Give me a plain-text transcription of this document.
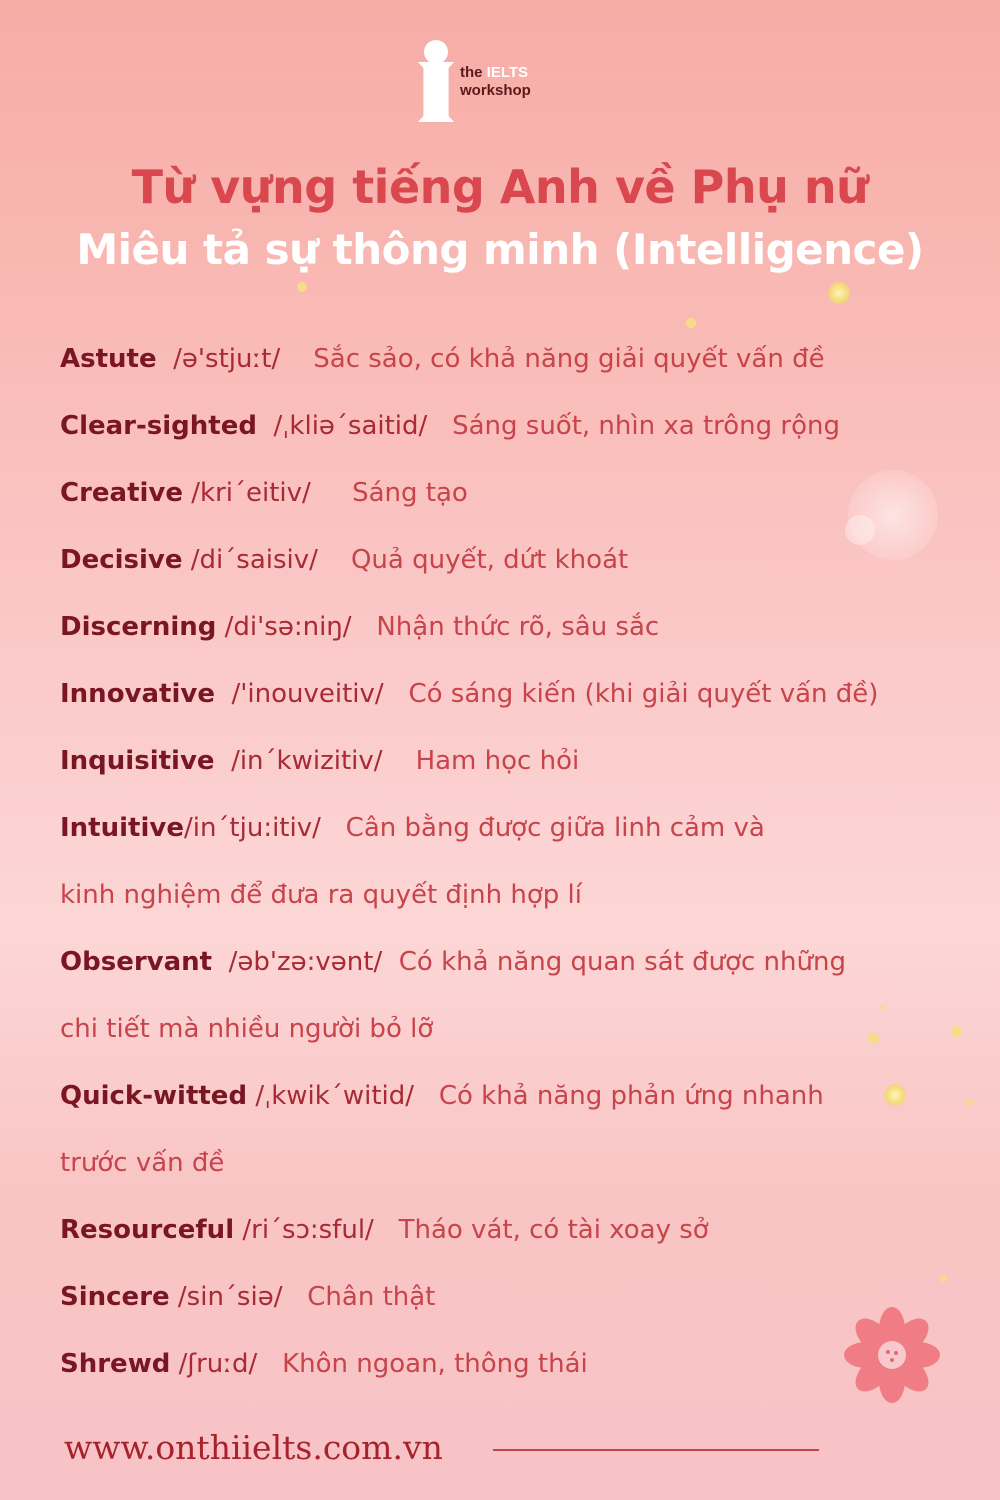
the IELTS
workshop
Từ vựng tiếng Anh về Phụ nữ
Miêu tả sự thông minh (Intelligence)
Astute /ə'stjuːt/ Sắc sảo, có khả năng giải quyết vấn đề
Clear-sighted /ˌkliəˊsaitid/ Sáng suốt, nhìn xa trông rộng
Creative /kriˊeitiv/ Sáng tạo
Decisive /diˊsaisiv/ Quả quyết, dứt khoát
Discerning /di'sə:niŋ/ Nhận thức rõ, sâu sắc
Innovative /'inouveitiv/ Có sáng kiến (khi giải quyết vấn đề)
Inquisitive /inˊkwizitiv/ Ham học hỏi
Intuitive/inˊtju:itiv/ Cân bằng được giữa linh cảm và
kinh nghiệm để đưa ra quyết định hợp lí
Observant /əb'zə:vənt/ Có khả năng quan sát được những
chi tiết mà nhiều người bỏ lỡ
Quick-witted /ˌkwikˊwitid/ Có khả năng phản ứng nhanh
trước vấn đề
Resourceful /riˊsɔ:sful/ Tháo vát, có tài xoay sở
Sincere /sinˊsiə/ Chân thật
Shrewd /ʃruːd/ Khôn ngoan, thông thái
www.onthiielts.com.vn
